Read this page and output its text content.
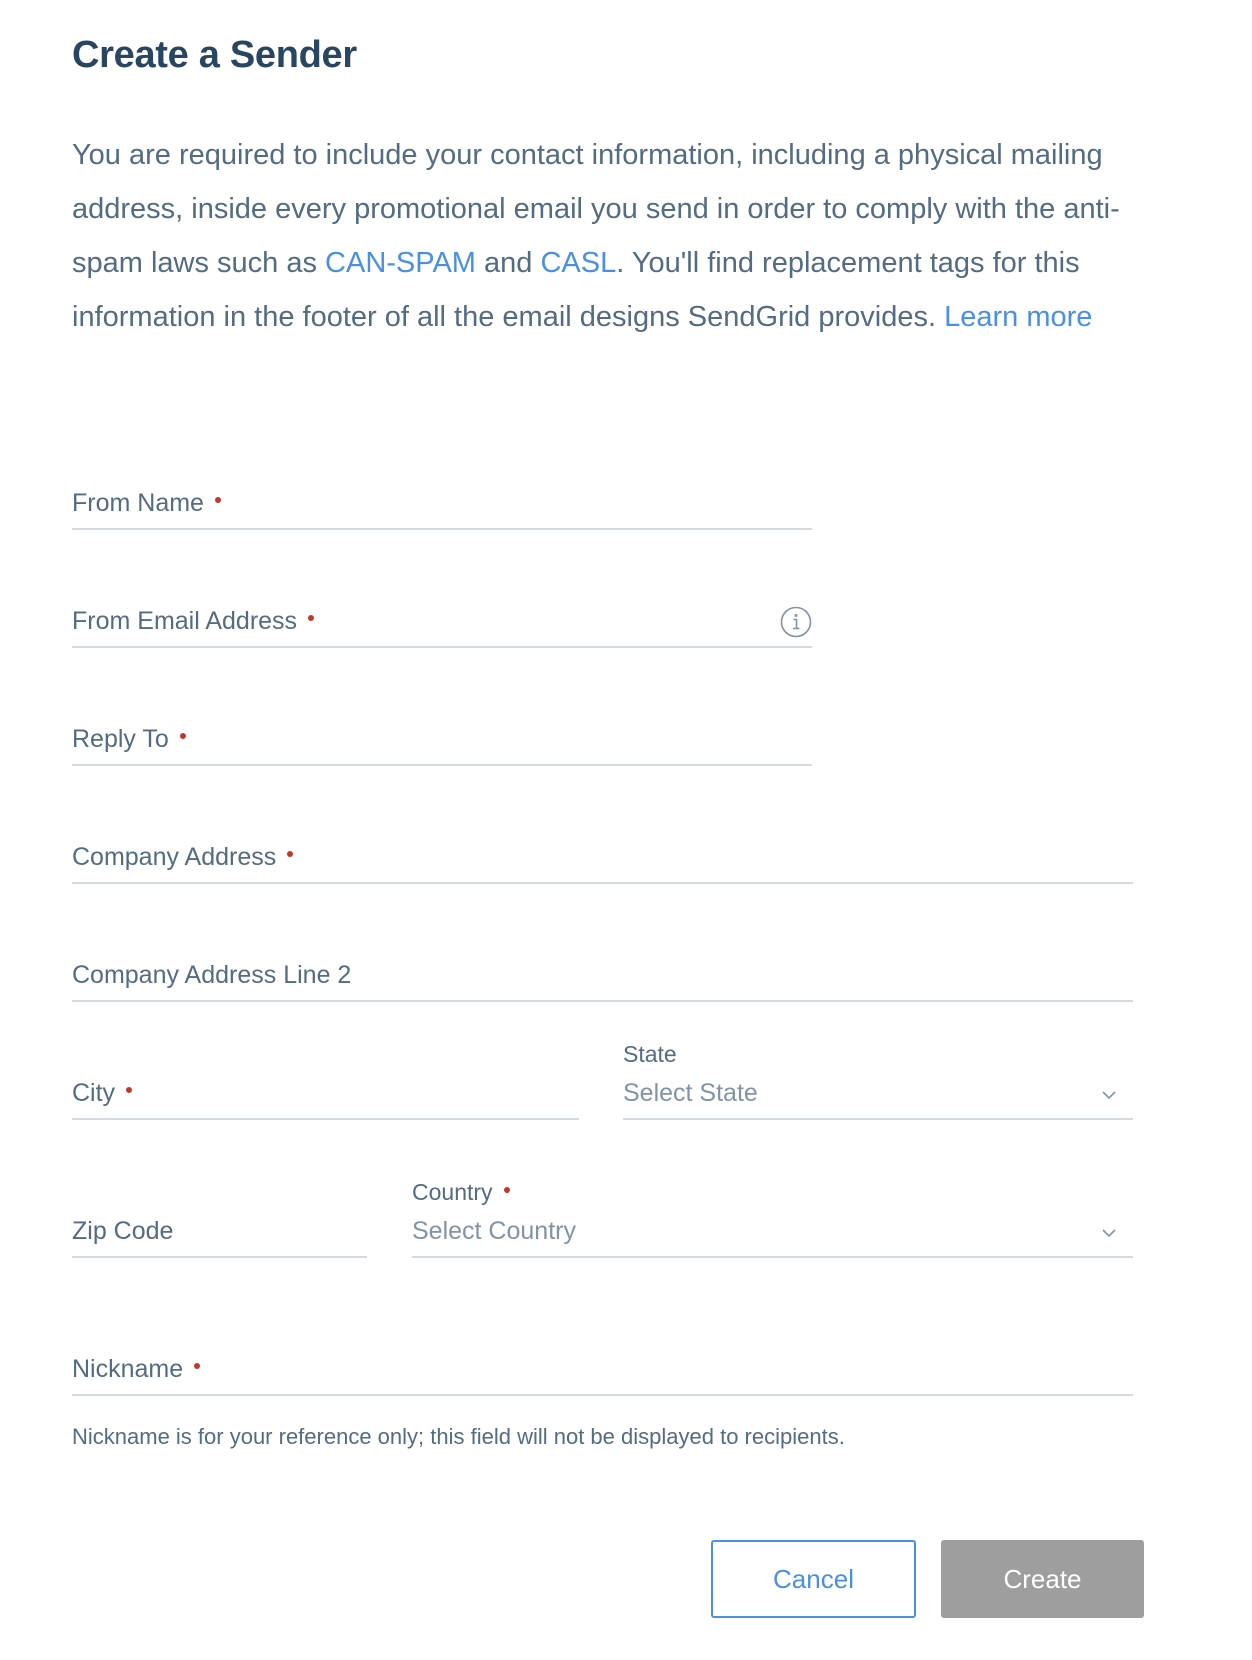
Create a Sender

You are required to include your contact information, including a physical mailing address, inside every promotional email you send in order to comply with the anti-spam laws such as CAN-SPAM and CASL. You'll find replacement tags for this information in the footer of all the email designs SendGrid provides. Learn more

From Name
From Email Address
Reply To
Company Address
Company Address Line 2
City
State
Select State
Zip Code
Country
Select Country
Nickname

Nickname is for your reference only; this field will not be displayed to recipients.

Cancel	Create
